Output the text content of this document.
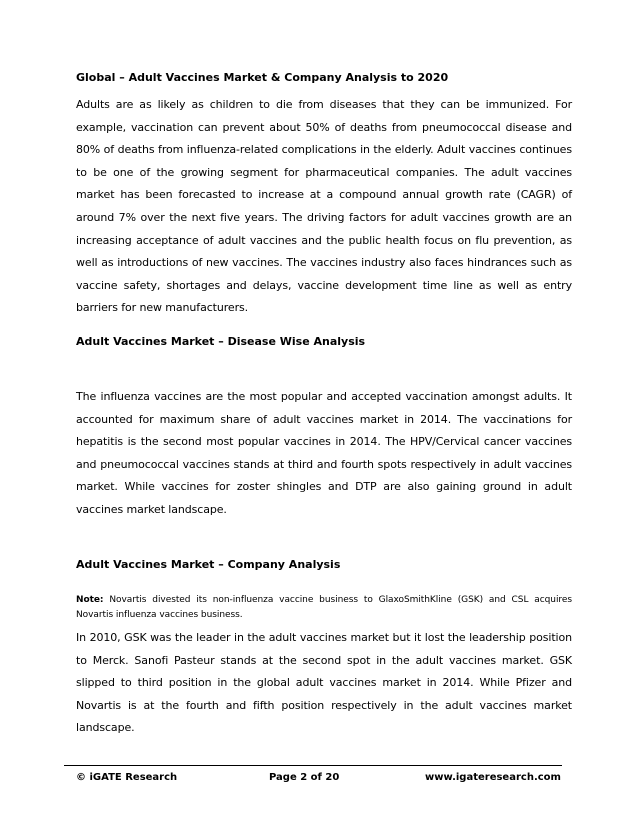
Global – Adult Vaccines Market & Company Analysis to 2020

Adults are as likely as children to die from diseases that they can be immunized. For example, vaccination can prevent about 50% of deaths from pneumococcal disease and 80% of deaths from influenza-related complications in the elderly. Adult vaccines continues to be one of the growing segment for pharmaceutical companies. The adult vaccines market has been forecasted to increase at a compound annual growth rate (CAGR) of around 7% over the next five years. The driving factors for adult vaccines growth are an increasing acceptance of adult vaccines and the public health focus on flu prevention, as well as introductions of new vaccines. The vaccines industry also faces hindrances such as vaccine safety, shortages and delays, vaccine development time line as well as entry barriers for new manufacturers.

Adult Vaccines Market – Disease Wise Analysis

The influenza vaccines are the most popular and accepted vaccination amongst adults. It accounted for maximum share of adult vaccines market in 2014. The vaccinations for hepatitis is the second most popular vaccines in 2014. The HPV/Cervical cancer vaccines and pneumococcal vaccines stands at third and fourth spots respectively in adult vaccines market. While vaccines for zoster shingles and DTP are also gaining ground in adult vaccines market landscape.

Adult Vaccines Market – Company Analysis

Note: Novartis divested its non-influenza vaccine business to GlaxoSmithKline (GSK) and CSL acquires Novartis influenza vaccines business.

In 2010, GSK was the leader in the adult vaccines market but it lost the leadership position to Merck. Sanofi Pasteur stands at the second spot in the adult vaccines market. GSK slipped to third position in the global adult vaccines market in 2014. While Pfizer and Novartis is at the fourth and fifth position respectively in the adult vaccines market landscape.

© iGATE Research	Page 2 of 20	www.igateresearch.com
